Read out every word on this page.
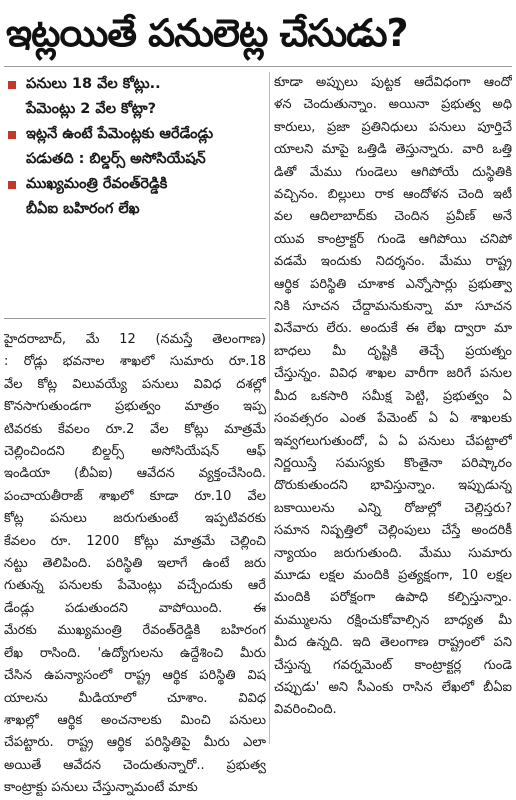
ఇట్లయితే పనులెట్ల చేసుడు?
పనులు 18 వేల కోట్లు..
పేమెంట్లు 2 వేల కోట్లా?
ఇట్లనే ఉంటే పేమెంట్లకు ఆరేడేండ్లు
పడుతది : బిల్డర్స్ అసోసియేషన్
ముఖ్యమంత్రి రేవంత్‌రెడ్డికి
బీఏఐ బహిరంగ లేఖ
హైదరాబాద్, మే 12 (నమస్తే తెలంగాణ)
: రోడ్లు భవనాల శాఖలో సుమారు రూ.18
వేల కోట్ల విలువయ్యే పనులు వివిధ దశల్లో
కొనసాగుతుండగా ప్రభుత్వం మాత్రం ఇప్ప
టివరకు కేవలం రూ.2 వేల కోట్లు మాత్రమే
చెల్లించిందని బిల్డర్స్ అసోసియేషన్ ఆఫ్
ఇండియా (బీఏఐ) ఆవేదన వ్యక్తంచేసింది.
పంచాయతీరాజ్ శాఖలో కూడా రూ.10 వేల
కోట్ల పనులు జరుగుతుంటే ఇప్పటివరకు
కేవలం రూ. 1200 కోట్లు మాత్రమే చెల్లించి
నట్టు తెలిపింది. పరిస్థితి ఇలాగే ఉంటే జరు
గుతున్న పనులకు పేమెంట్లు వచ్చేందుకు ఆరే
డేండ్లు పడుతుందని వాపోయింది. ఈ
మేరకు ముఖ్యమంత్రి రేవంత్‌రెడ్డికి బహిరంగ
లేఖ రాసింది. 'ఉద్యోగులను ఉద్దేశించి మీరు
చేసిన ఉపన్యాసంలో రాష్ట్ర ఆర్థిక పరిస్థితి విష
యాలను మీడియాలో చూశాం. వివిధ
శాఖల్లో ఆర్థిక అంచనాలకు మించి పనులు
చేపట్టారు. రాష్ట్ర ఆర్థిక పరిస్థితిపై మీరు ఎలా
అయితే ఆవేదన చెందుతున్నారో.. ప్రభుత్వ
కాంట్రాక్టు పనులు చేస్తున్నామంటే మాకు
కూడా అప్పులు పుట్టక ఆదేవిధంగా ఆందో
ళన చెందుతున్నాం. అయినా ప్రభుత్వ అధి
కారులు, ప్రజా ప్రతినిధులు పనులు పూర్తిచే
యాలని మాపై ఒత్తిడి తెస్తున్నారు. వారి ఒత్తి
డితో మేము గుండెలు ఆగిపోయే దుస్థితికి
వచ్చినం. బిల్లులు రాక ఆందోళన చెంది ఇటీ
వల ఆదిలాబాద్‌కు చెందిన ప్రవీణ్ అనే
యువ కాంట్రాక్టర్ గుండె ఆగిపోయి చనిపో
వడమే ఇందుకు నిదర్శనం. మేము రాష్ట్ర
ఆర్థిక పరిస్థితి చూశాక ఎన్నోసార్లు ప్రభుత్వా
నికి సూచన చేద్దామనుకున్నా మా సూచన
వినేవారు లేరు. అందుకే ఈ లేఖ ద్వారా మా
బాధలు మీ దృష్టికి తెచ్చే ప్రయత్నం
చేస్తున్నం. వివిధ శాఖల వారీగా జరిగే పనుల
మీద ఒకసారి సమీక్ష పెట్టి, ప్రభుత్వం ఏ
సంవత్సరం ఎంత పేమెంట్ ఏ ఏ శాఖలకు
ఇవ్వగలుగుతుందో, ఏ ఏ పనులు చేపట్టాలో
నిర్ణయిస్తే సమస్యకు కొంతైనా పరిష్కారం
దొరుకుతుందని భావిస్తున్నాం. ఇప్పుడున్న
బకాయిలను ఎన్ని రోజుల్లో చెల్లిస్తరు?
సమాన నిష్పత్తిలో చెల్లింపులు చేస్తే అందరికీ
న్యాయం జరుగుతుంది. మేము సుమారు
మూడు లక్షల మందికి ప్రత్యక్షంగా, 10 లక్షల
మందికి పరోక్షంగా ఉపాధి కల్పిస్తున్నాం.
మమ్ములను రక్షించుకోవాల్సిన బాధ్యత మీ
మీద ఉన్నది. ఇది తెలంగాణ రాష్ట్రంలో పని
చేస్తున్న గవర్నమెంట్ కాంట్రాక్టర్ల గుండె
చప్పుడు' అని సీఎంకు రాసిన లేఖలో బీఏఐ
వివరించింది.
